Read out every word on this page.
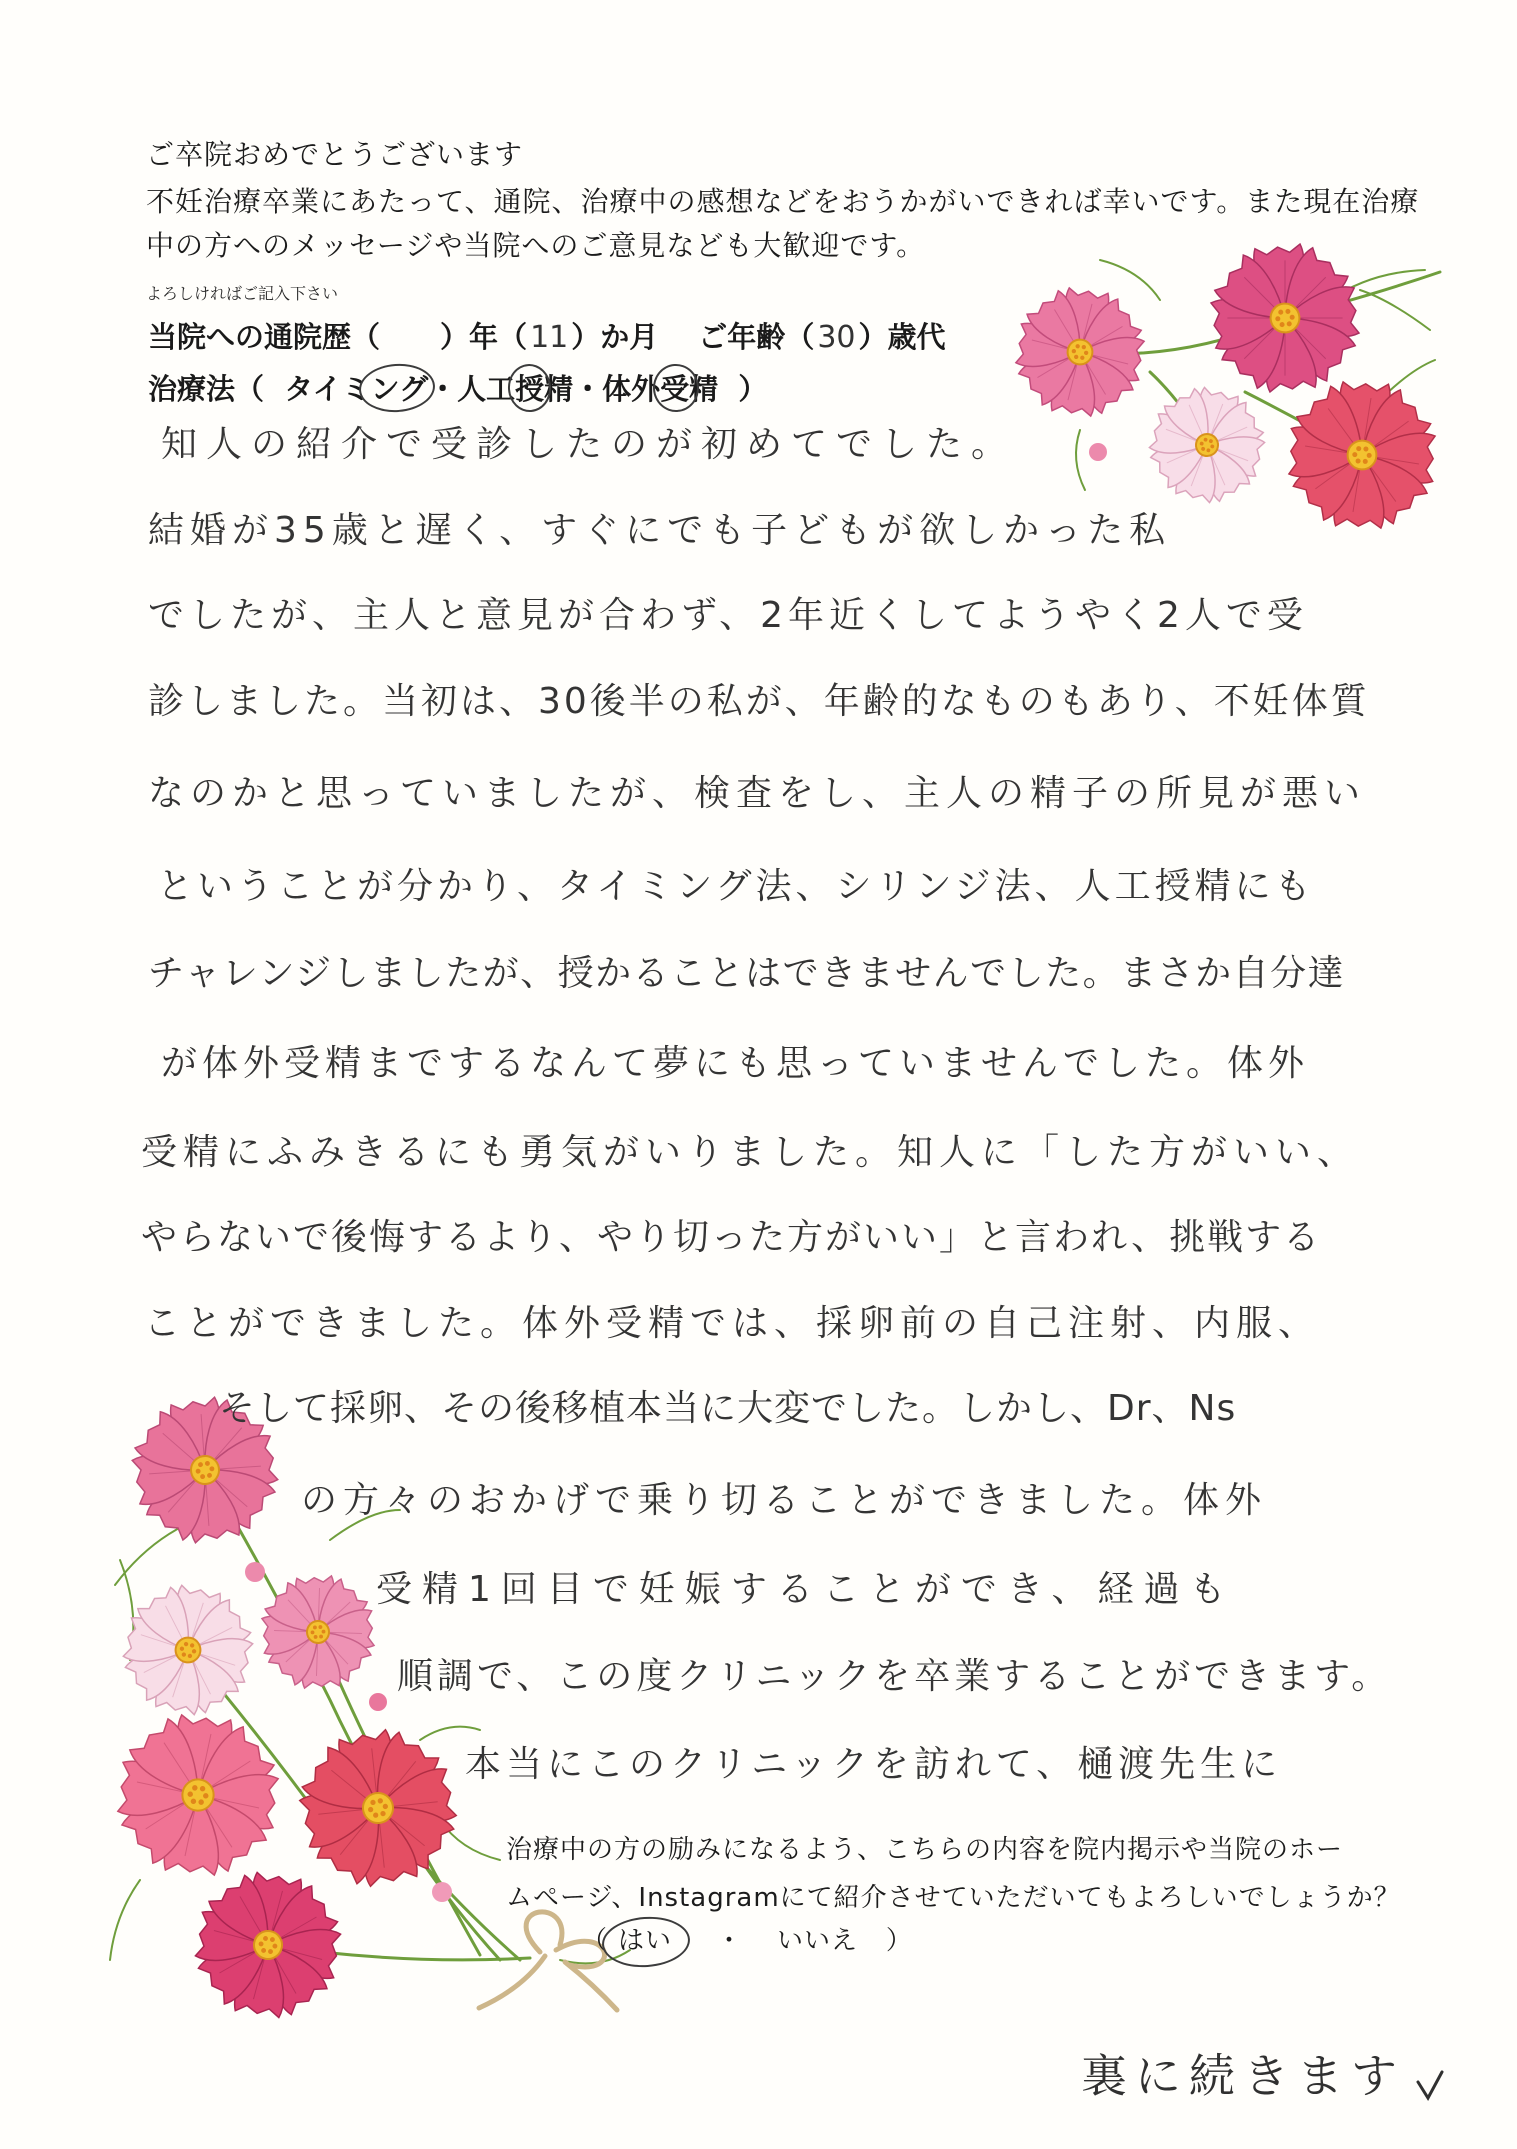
ご卒院おめでとうございます
不妊治療卒業にあたって、通院、治療中の感想などをおうかがいできれば幸いです。また現在治療
中の方へのメッセージや当院へのご意見なども大歓迎です。
よろしければご記入下さい
当院への通院歴（ ）年（ 11 ）か月 ご年齢（ 30 ）歳代
治療法（ タイミング
・人工授精
・体外受精 ）
知人の紹介で受診したのが初めてでした。
結婚が35歳と遅く、すぐにでも子どもが欲しかった私
でしたが、主人と意見が合わず、2年近くしてようやく2人で受
診しました。当初は、30後半の私が、年齢的なものもあり、不妊体質
なのかと思っていましたが、検査をし、主人の精子の所見が悪い
ということが分かり、タイミング法、シリンジ法、人工授精にも
チャレンジしましたが、授かることはできませんでした。まさか自分達
が体外受精までするなんて夢にも思っていませんでした。体外
受精にふみきるにも勇気がいりました。知人に「した方がいい、
やらないで後悔するより、やり切った方がいい」と言われ、挑戦する
ことができました。体外受精では、採卵前の自己注射、内服、
そして採卵、その後移植本当に大変でした。しかし、Dr、Ns
の方々のおかげで乗り切ることができました。体外
受精1回目で妊娠することができ、経過も
順調で、この度クリニックを卒業することができます。
本当にこのクリニックを訪れて、樋渡先生に
治療中の方の励みになるよう、こちらの内容を院内掲示や当院のホー
ムページ、Instagramにて紹介させていただいてもよろしいでしょうか？
（ はい ・ いいえ ）
裏に続きます
